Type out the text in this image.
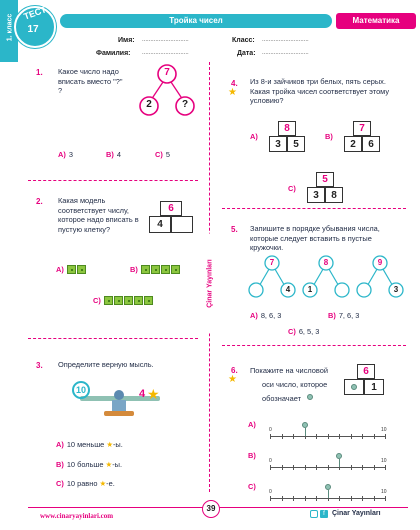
1. класс
ТЕСТ
17
Тройка чисел	Математика
Имя: ............................
Фамилия: ............................
Класс: ............................
Дата: ............................
Çinar Yayınları
1. Какое число надо вписать вместо "?" ?
7
2	?
A) 3	B) 4	C) 5
2. Какая модель соответствует числу, которое надо вписать в пустую клетку?
6
4
A)	B)
C)
3. Определите верную мысль.
10	4 ★
A) 10 меньше ★-ы.
B) 10 больше ★-ы.
C) 10 равно ★-е.
4.
★
Из 8-и зайчиков три белых, пять серых. Какая тройка чисел соответствует этому условию?
A)
8
3	5
B)
7
2	6
C)
5
3	8
5. Запишите в порядке убывания числа, которые следует вставить в пустые кружочки.
7
4
8
1
9
3
A) 8, 6, 3	B) 7, 6, 3
C) 6, 5, 3
6.
★
Покажите на числовой
оси число, которое
обозначает
6
1
A)
B)
C)
www.cinaryayinlari.com
39
f	Çinar Yayınları
0	10
0	10
0	10
